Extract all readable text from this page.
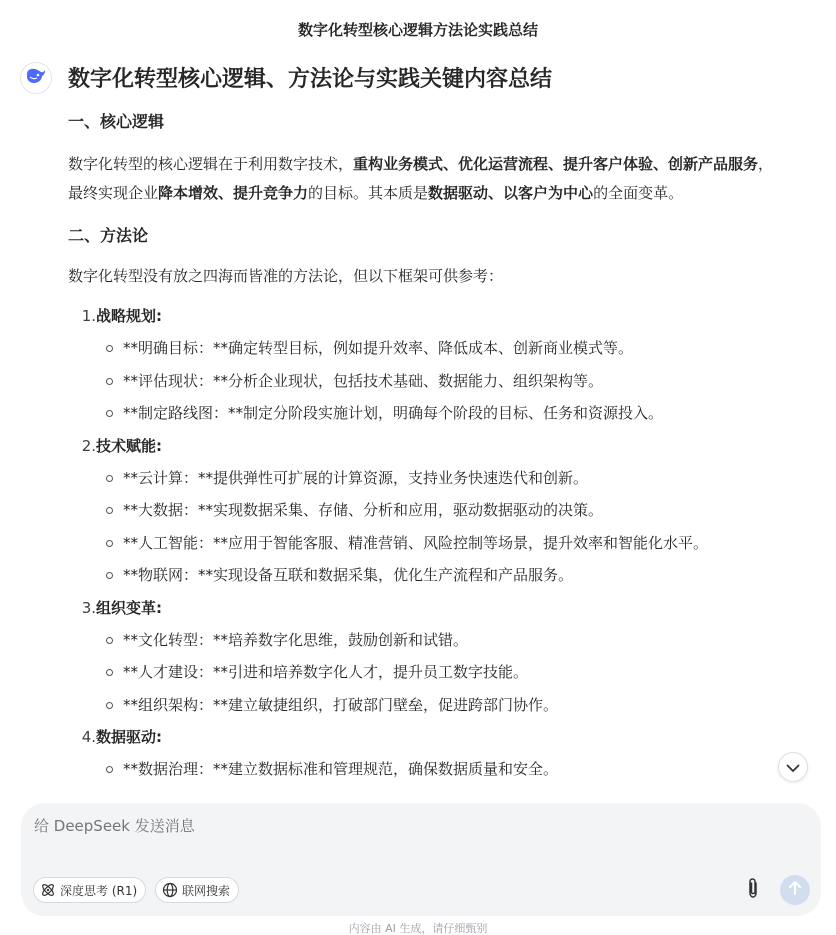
数字化转型核心逻辑方法论实践总结
数字化转型核心逻辑、方法论与实践关键内容总结
一、核心逻辑

数字化转型的核心逻辑在于利用数字技术，重构业务模式、优化运营流程、提升客户体验、创新产品服务，
最终实现企业降本增效、提升竞争力的目标。其本质是数据驱动、以客户为中心的全面变革。

二、方法论

数字化转型没有放之四海而皆准的方法论，但以下框架可供参考：

1. 战略规划:
**明确目标：**确定转型目标，例如提升效率、降低成本、创新商业模式等。
**评估现状：**分析企业现状，包括技术基础、数据能力、组织架构等。
**制定路线图：**制定分阶段实施计划，明确每个阶段的目标、任务和资源投入。
2. 技术赋能:
**云计算：**提供弹性可扩展的计算资源，支持业务快速迭代和创新。
**大数据：**实现数据采集、存储、分析和应用，驱动数据驱动的决策。
**人工智能：**应用于智能客服、精准营销、风险控制等场景，提升效率和智能化水平。
**物联网：**实现设备互联和数据采集，优化生产流程和产品服务。
3. 组织变革:
**文化转型：**培养数字化思维，鼓励创新和试错。
**人才建设：**引进和培养数字化人才，提升员工数字技能。
**组织架构：**建立敏捷组织，打破部门壁垒，促进跨部门协作。
4. 数据驱动:
**数据治理：**建立数据标准和管理规范，确保数据质量和安全。
给 DeepSeek 发送消息
深度思考 (R1)	联网搜索
内容由 AI 生成，请仔细甄别
